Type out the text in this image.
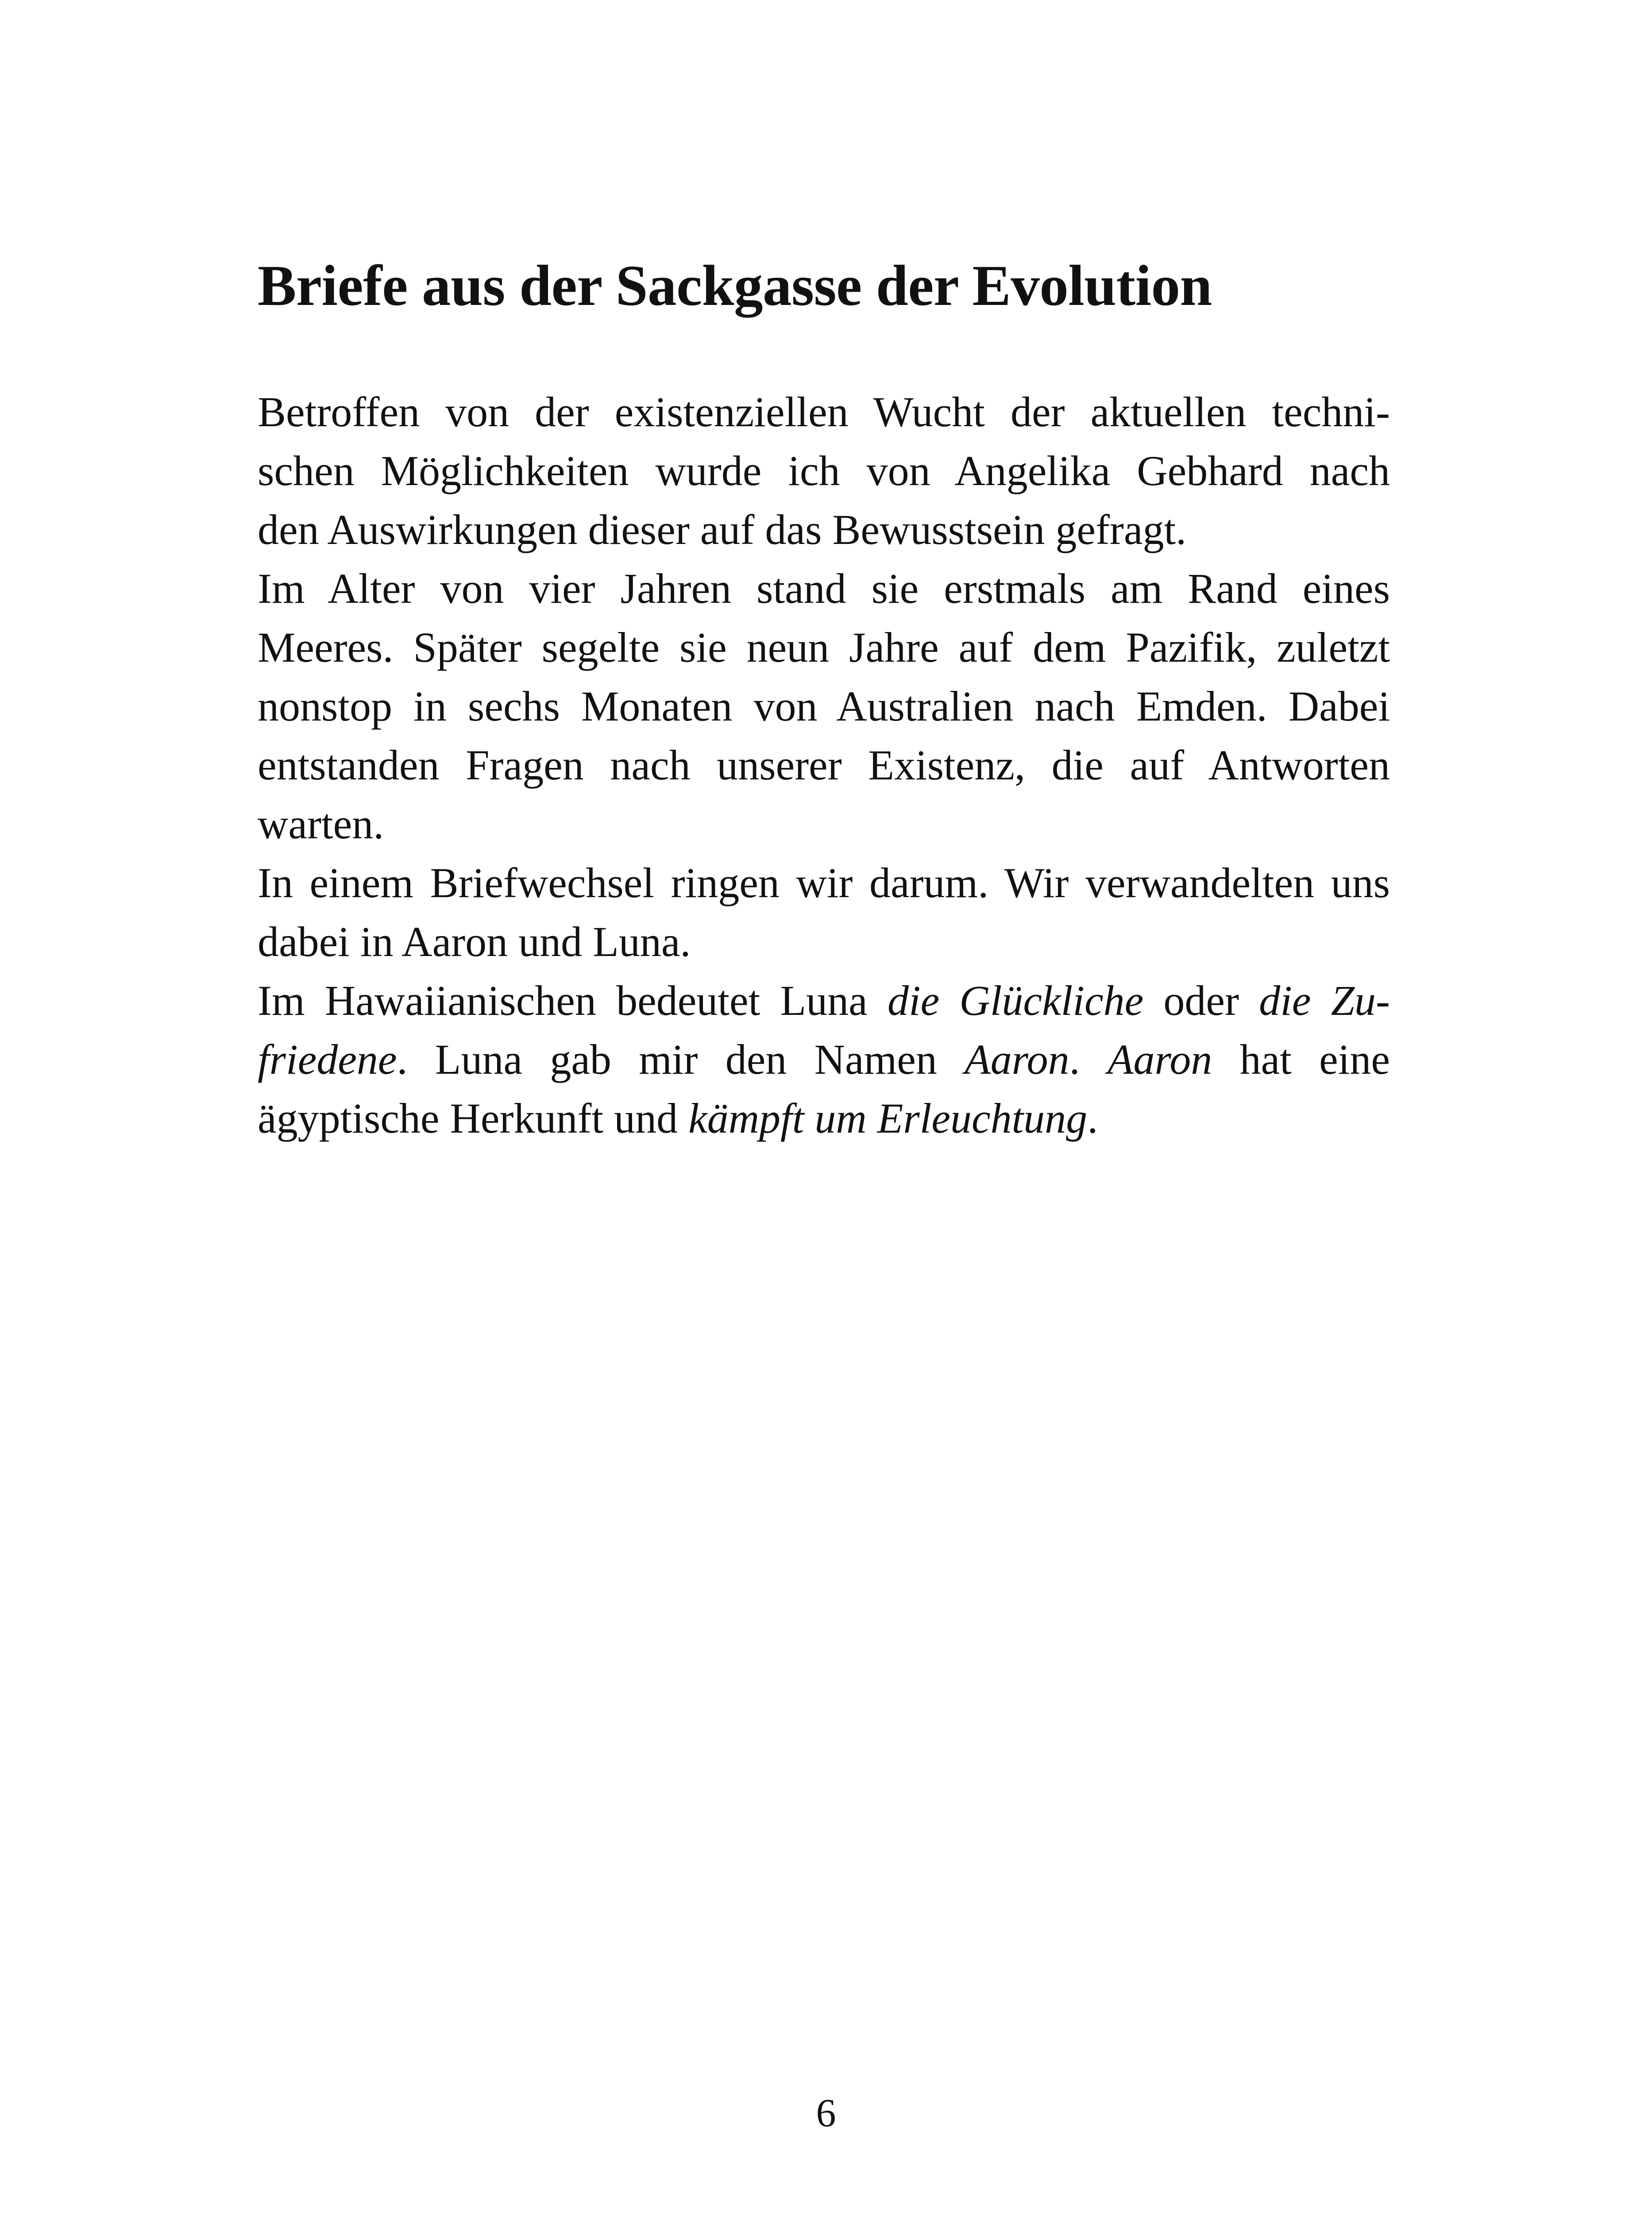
Briefe aus der Sackgasse der Evolution
Betroffen von der existenziellen Wucht der aktuellen techni-
schen Möglichkeiten wurde ich von Angelika Gebhard nach
den Auswirkungen dieser auf das Bewusstsein gefragt.
Im Alter von vier Jahren stand sie erstmals am Rand eines
Meeres. Später segelte sie neun Jahre auf dem Pazifik, zuletzt
nonstop in sechs Monaten von Australien nach Emden. Dabei
entstanden Fragen nach unserer Existenz, die auf Antworten
warten.
In einem Briefwechsel ringen wir darum. Wir verwandelten uns
dabei in Aaron und Luna.
Im Hawaiianischen bedeutet Luna die Glückliche oder die Zu-
friedene. Luna gab mir den Namen Aaron. Aaron hat eine
ägyptische Herkunft und kämpft um Erleuchtung.
6
